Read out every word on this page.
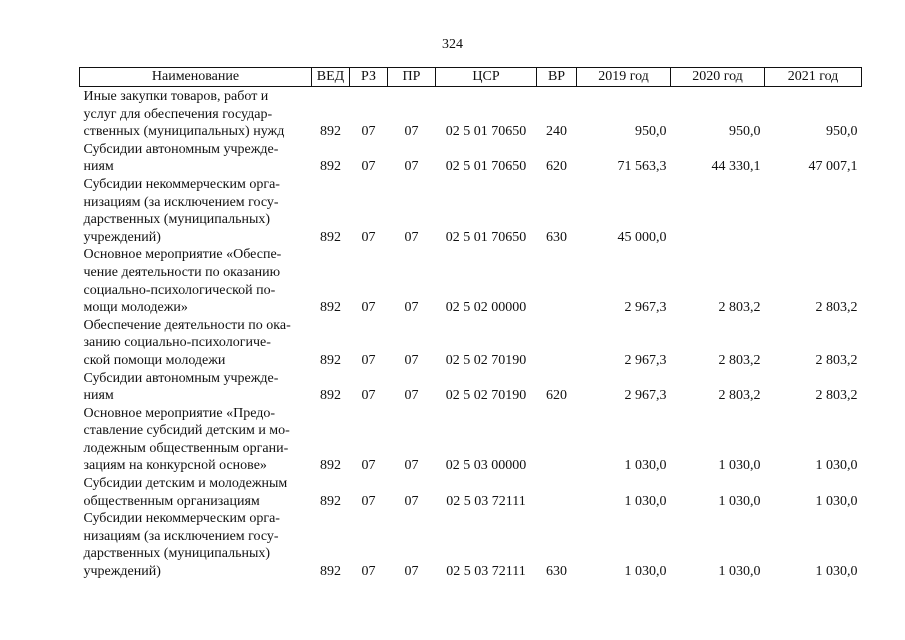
324
Наименование	ВЕД	РЗ	ПР	ЦСР	ВР	2019 год	2020 год	2021 год

Иные закупки товаров, работ и
услуг для обеспечения государ-
ственных (муниципальных) нужд	892	07	07	02 5 01 70650	240	950,0	950,0	950,0

Субсидии автономным учрежде-
ниям	892	07	07	02 5 01 70650	620	71 563,3	44 330,1	47 007,1

Субсидии некоммерческим орга-
низациям (за исключением госу-
дарственных (муниципальных)
учреждений)	892	07	07	02 5 01 70650	630	45 000,0		

Основное мероприятие «Обеспе-
чение деятельности по оказанию
социально-психологической по-
мощи молодежи»	892	07	07	02 5 02 00000		2 967,3	2 803,2	2 803,2

Обеспечение деятельности по ока-
занию социально-психологиче-
ской помощи молодежи	892	07	07	02 5 02 70190		2 967,3	2 803,2	2 803,2

Субсидии автономным учрежде-
ниям	892	07	07	02 5 02 70190	620	2 967,3	2 803,2	2 803,2

Основное мероприятие «Предо-
ставление субсидий детским и мо-
лодежным общественным органи-
зациям на конкурсной основе»	892	07	07	02 5 03 00000		1 030,0	1 030,0	1 030,0

Субсидии детским и молодежным
общественным организациям	892	07	07	02 5 03 72111		1 030,0	1 030,0	1 030,0

Субсидии некоммерческим орга-
низациям (за исключением госу-
дарственных (муниципальных)
учреждений)	892	07	07	02 5 03 72111	630	1 030,0	1 030,0	1 030,0
